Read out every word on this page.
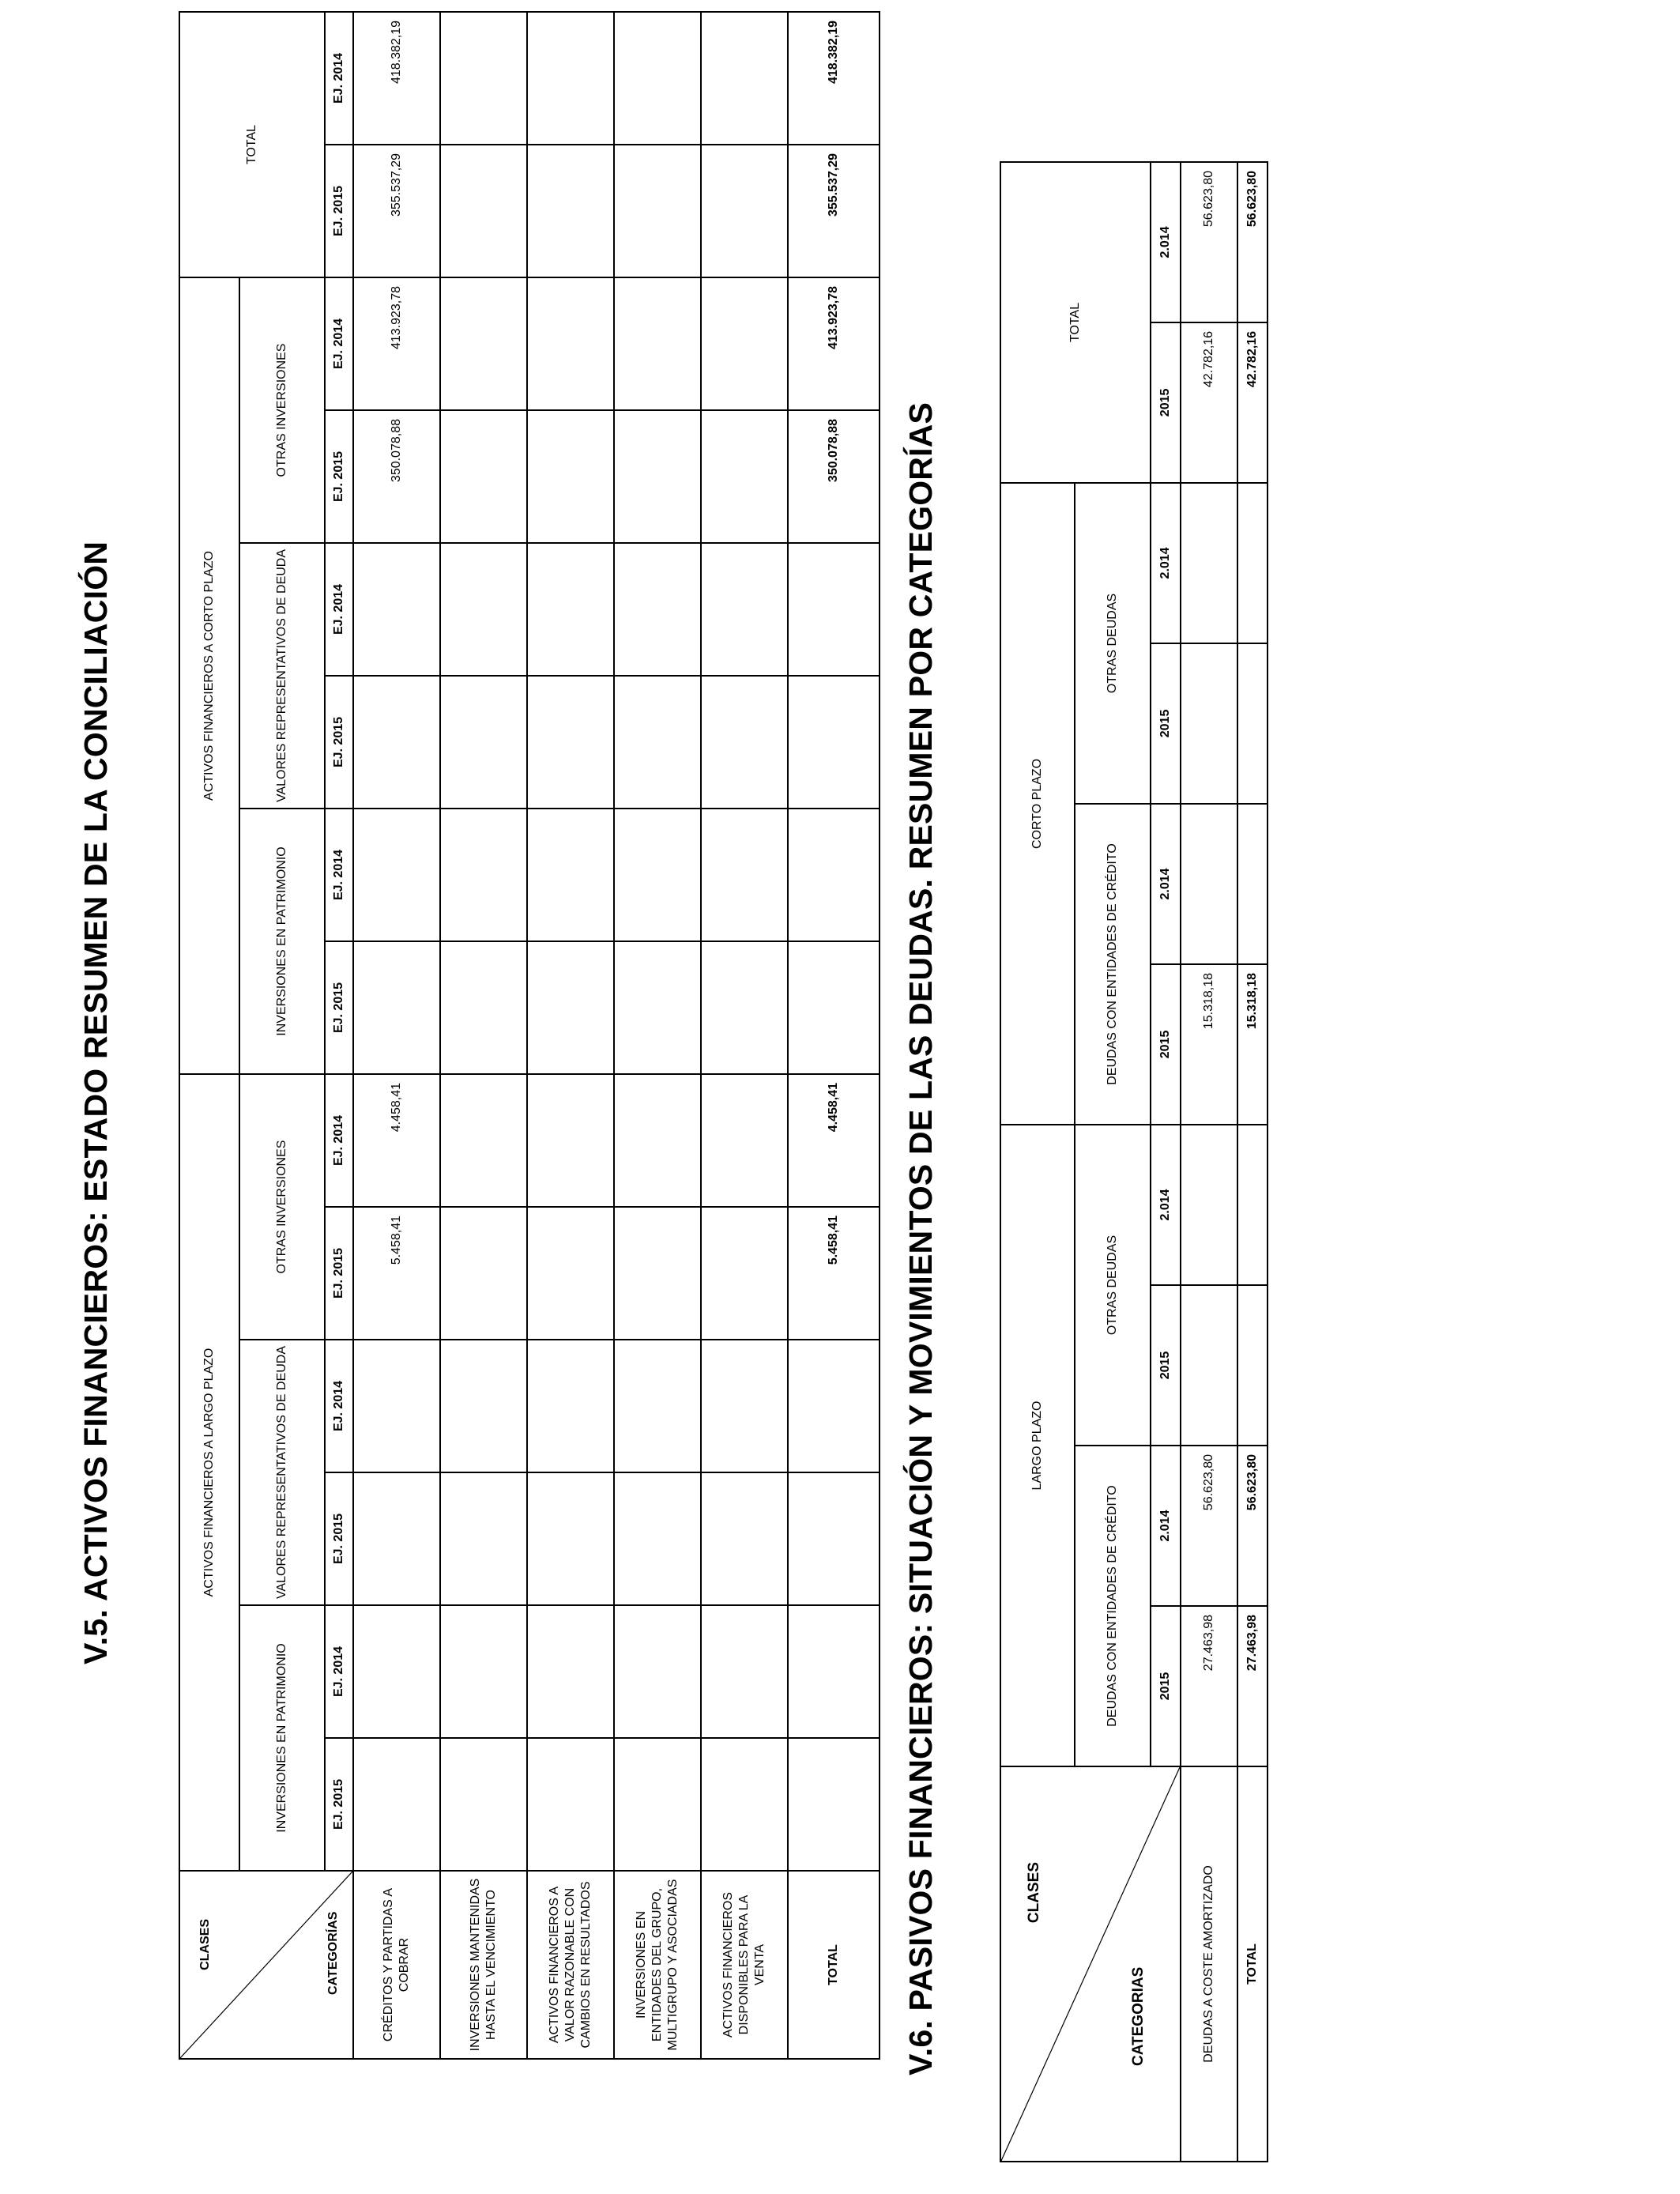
V.5. ACTIVOS FINANCIEROS: ESTADO RESUMEN DE LA CONCILIACIÓN
CLASES CATEGORÍAS	ACTIVOS FINANCIEROS A LARGO PLAZO						ACTIVOS FINANCIEROS A CORTO PLAZO						TOTAL	
	INVERSIONES EN PATRIMONIO		VALORES REPRESENTATIVOS DE DEUDA		OTRAS INVERSIONES		INVERSIONES EN PATRIMONIO		VALORES REPRESENTATIVOS DE DEUDA		OTRAS INVERSIONES			
	EJ. 2015	EJ. 2014	EJ. 2015	EJ. 2014	EJ. 2015	EJ. 2014	EJ. 2015	EJ. 2014	EJ. 2015	EJ. 2014	EJ. 2015	EJ. 2014	EJ. 2015	EJ. 2014
CRÉDITOS Y PARTIDAS A COBRAR					5.458,41	4.458,41					350.078,88	413.923,78	355.537,29	418.382,19
INVERSIONES MANTENIDAS HASTA EL VENCIMIENTO														
ACTIVOS FINANCIEROS A VALOR RAZONABLE CON CAMBIOS EN RESULTADOS														
INVERSIONES EN ENTIDADES DEL GRUPO, MULTIGRUPO Y ASOCIADAS														
ACTIVOS FINANCIEROS DISPONIBLES PARA LA VENTA														
TOTAL					5.458,41	4.458,41					350.078,88	413.923,78	355.537,29	418.382,19
V.6. PASIVOS FINANCIEROS: SITUACIÓN Y MOVIMIENTOS DE LAS DEUDAS. RESUMEN POR CATEGORÍAS	CLASES
CATEGORIAS	LARGO PLAZO				CORTO PLAZO				TOTAL	
	DEUDAS CON ENTIDADES DE CRÉDITO		OTRAS DEUDAS		DEUDAS CON ENTIDADES DE CRÉDITO		OTRAS DEUDAS			
	2015	2.014	2015	2.014	2015	2.014	2015	2.014	2015	2.014
DEUDAS A COSTE AMORTIZADO	27.463,98	56.623,80			15.318,18				42.782,16	56.623,80
TOTAL	27.463,98	56.623,80			15.318,18				42.782,16	56.623,80
